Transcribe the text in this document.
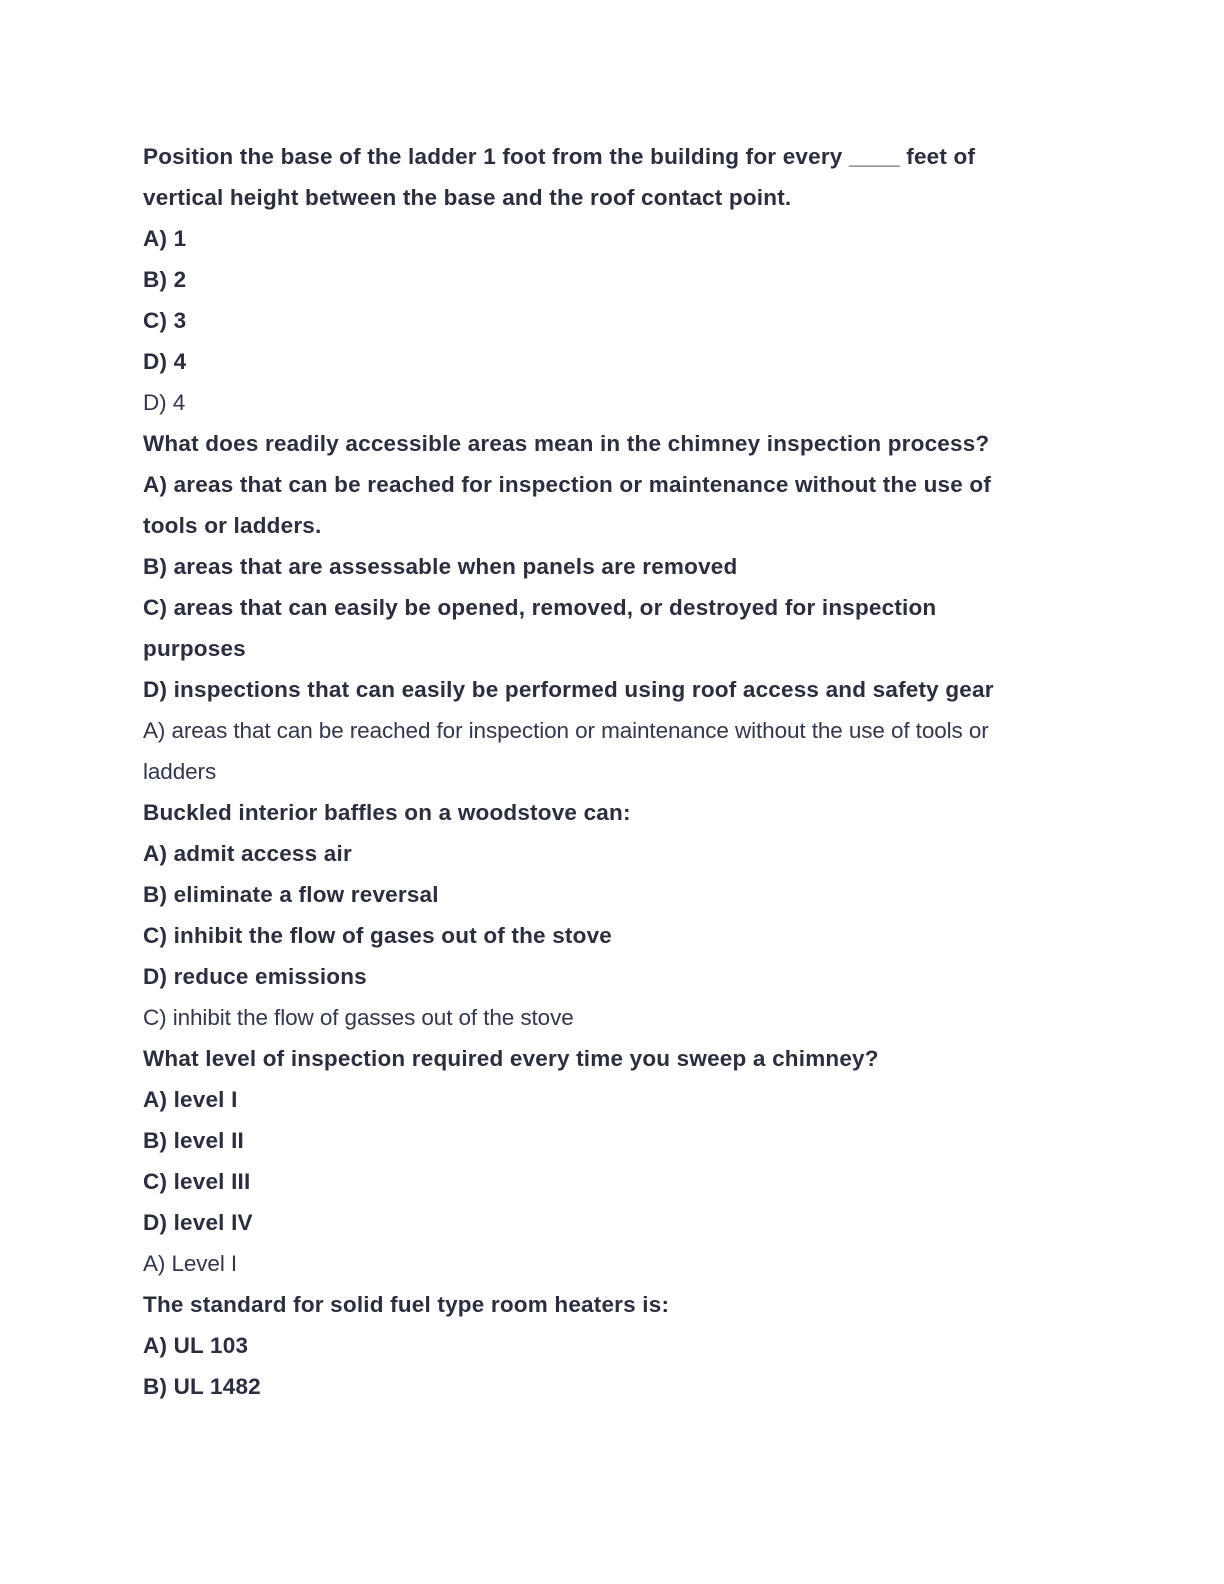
Position the base of the ladder 1 foot from the building for every ____ feet of
vertical height between the base and the roof contact point.
A) 1
B) 2
C) 3
D) 4
D) 4
What does readily accessible areas mean in the chimney inspection process?
A) areas that can be reached for inspection or maintenance without the use of
tools or ladders.
B) areas that are assessable when panels are removed
C) areas that can easily be opened, removed, or destroyed for inspection
purposes
D) inspections that can easily be performed using roof access and safety gear
A) areas that can be reached for inspection or maintenance without the use of tools or
ladders
Buckled interior baffles on a woodstove can:
A) admit access air
B) eliminate a flow reversal
C) inhibit the flow of gases out of the stove
D) reduce emissions
C) inhibit the flow of gasses out of the stove
What level of inspection required every time you sweep a chimney?
A) level I
B) level II
C) level III
D) level IV
A) Level I
The standard for solid fuel type room heaters is:
A) UL 103
B) UL 1482
